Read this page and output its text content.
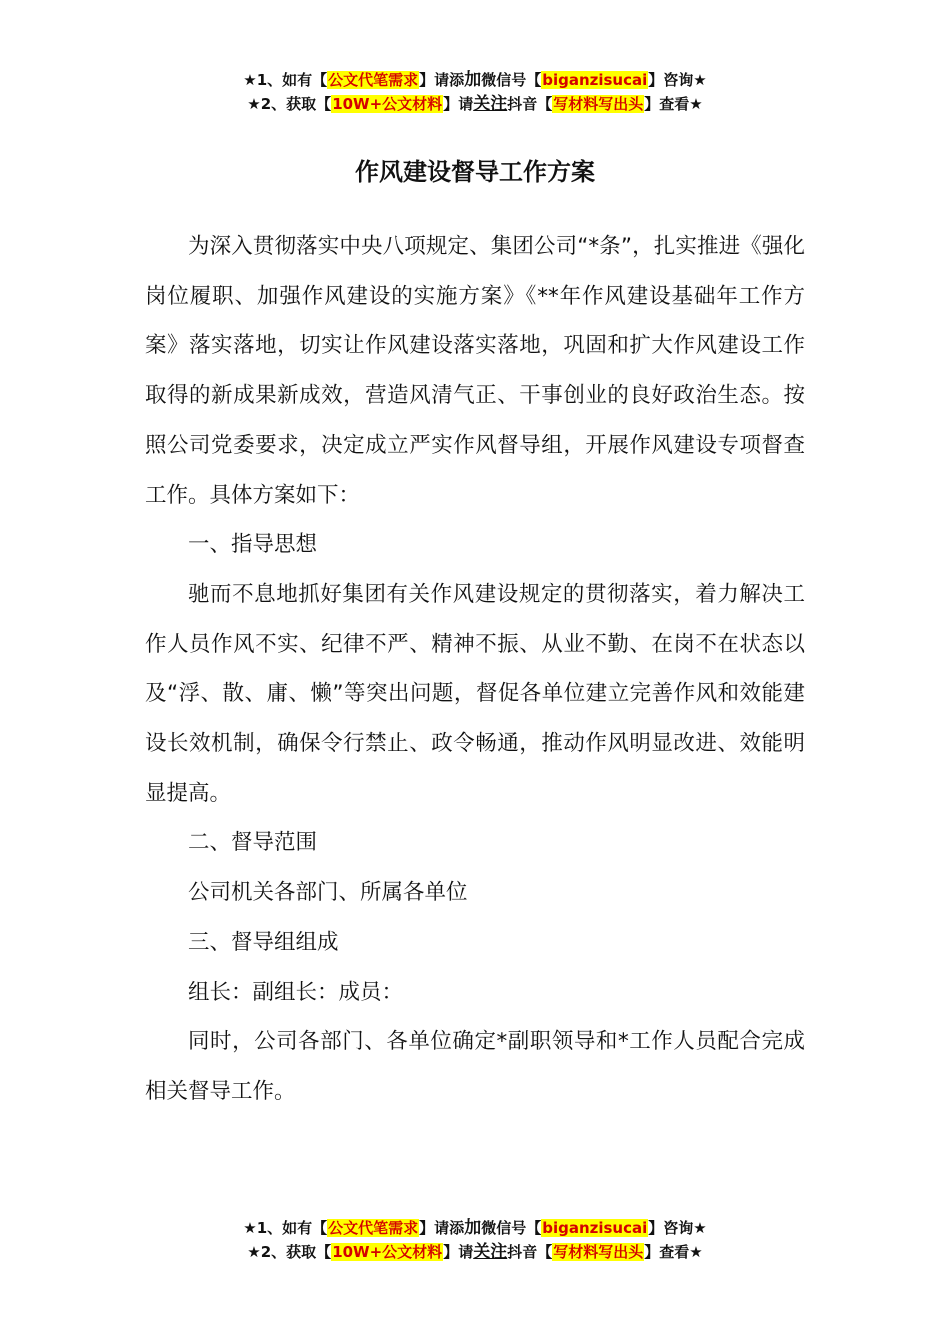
★1、如有【公文代笔需求】请添加微信号【biganzisucai】咨询★
★2、获取【10W+公文材料】请关注抖音【写材料写出头】查看★
作风建设督导工作方案

为深入贯彻落实中央八项规定、集团公司“*条”，扎实推进《强化岗位履职、加强作风建设的实施方案》《**年作风建设基础年工作方案》落实落地，切实让作风建设落实落地，巩固和扩大作风建设工作取得的新成果新成效，营造风清气正、干事创业的良好政治生态。按照公司党委要求，决定成立严实作风督导组，开展作风建设专项督查工作。具体方案如下：

一、指导思想

驰而不息地抓好集团有关作风建设规定的贯彻落实，着力解决工作人员作风不实、纪律不严、精神不振、从业不勤、在岗不在状态以及“浮、散、庸、懒”等突出问题，督促各单位建立完善作风和效能建设长效机制，确保令行禁止、政令畅通，推动作风明显改进、效能明显提高。

二、督导范围

公司机关各部门、所属各单位

三、督导组组成

组长：副组长：成员：

同时，公司各部门、各单位确定*副职领导和*工作人员配合完成相关督导工作。

★1、如有【公文代笔需求】请添加微信号【biganzisucai】咨询★
★2、获取【10W+公文材料】请关注抖音【写材料写出头】查看★
